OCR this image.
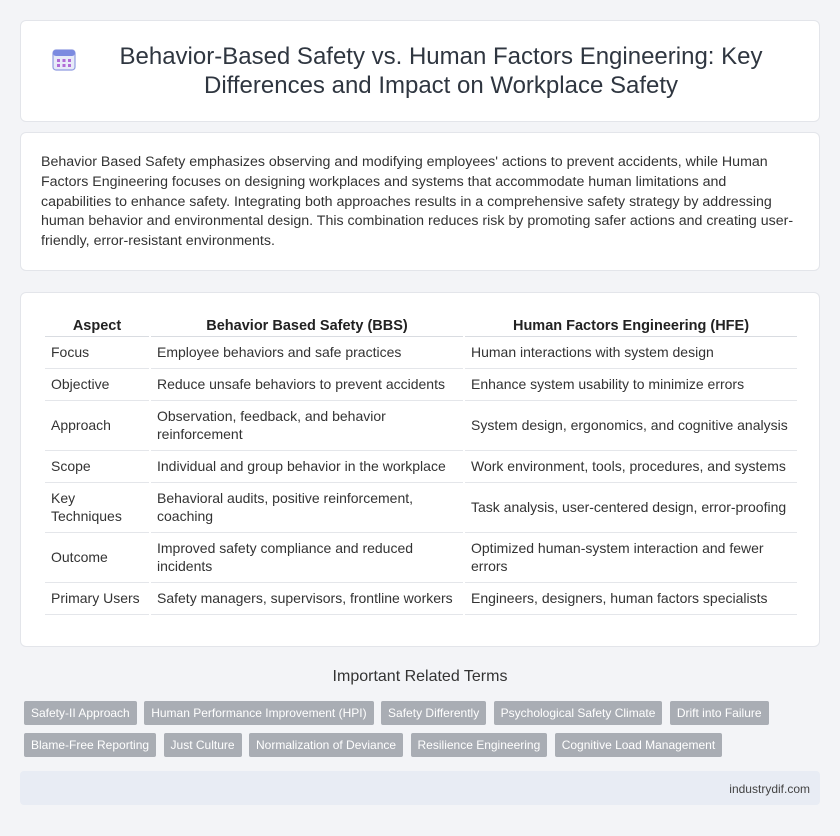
Behavior-Based Safety vs. Human Factors Engineering: Key Differences and Impact on Workplace Safety

Behavior Based Safety emphasizes observing and modifying employees' actions to prevent accidents, while Human Factors Engineering focuses on designing workplaces and systems that accommodate human limitations and capabilities to enhance safety. Integrating both approaches results in a comprehensive safety strategy by addressing human behavior and environmental design. This combination reduces risk by promoting safer actions and creating user-friendly, error-resistant environments.

Aspect	Behavior Based Safety (BBS)	Human Factors Engineering (HFE)
Focus	Employee behaviors and safe practices	Human interactions with system design
Objective	Reduce unsafe behaviors to prevent accidents	Enhance system usability to minimize errors
Approach	Observation, feedback, and behavior reinforcement	System design, ergonomics, and cognitive analysis
Scope	Individual and group behavior in the workplace	Work environment, tools, procedures, and systems
Key Techniques	Behavioral audits, positive reinforcement, coaching	Task analysis, user-centered design, error-proofing
Outcome	Improved safety compliance and reduced incidents	Optimized human-system interaction and fewer errors
Primary Users	Safety managers, supervisors, frontline workers	Engineers, designers, human factors specialists
Important Related Terms
Safety-II Approach Human Performance Improvement (HPI) Safety Differently Psychological Safety Climate Drift into Failure
Blame-Free Reporting Just Culture Normalization of Deviance Resilience Engineering Cognitive Load Management
industrydif.com
